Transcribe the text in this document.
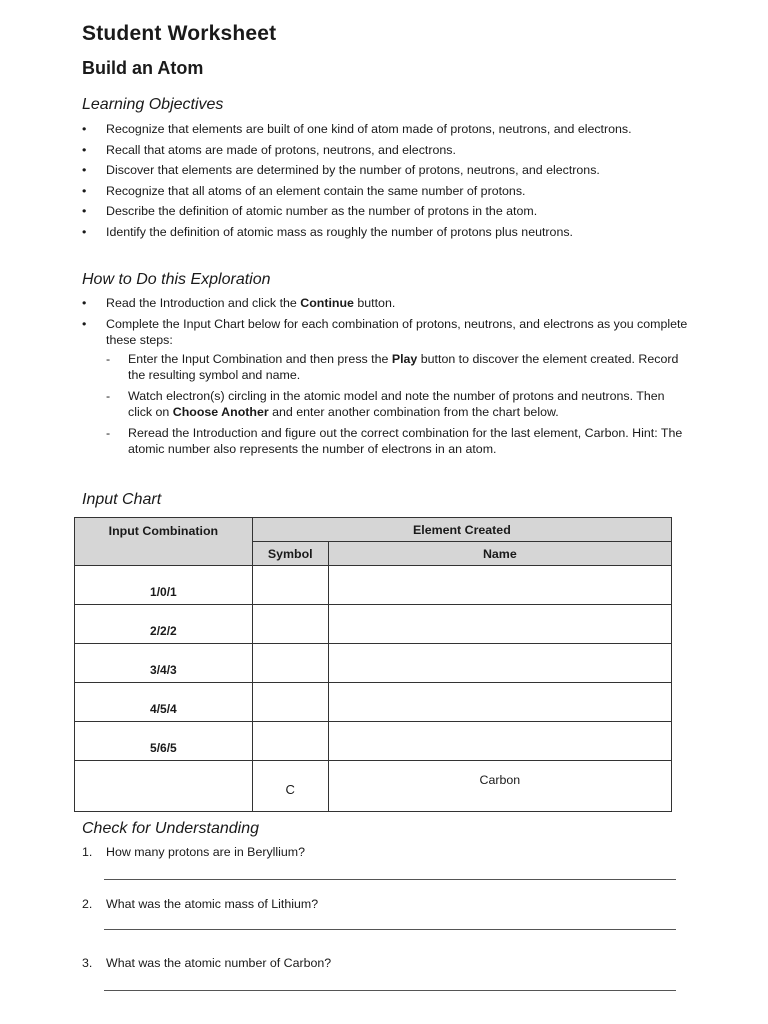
Student Worksheet
Build an Atom
Learning Objectives
• Recognize that elements are built of one kind of atom made of protons, neutrons, and electrons.
• Recall that atoms are made of protons, neutrons, and electrons.
• Discover that elements are determined by the number of protons, neutrons, and electrons.
• Recognize that all atoms of an element contain the same number of protons.
• Describe the definition of atomic number as the number of protons in the atom.
• Identify the definition of atomic mass as roughly the number of protons plus neutrons.
How to Do this Exploration
• Read the Introduction and click the Continue button.
• Complete the Input Chart below for each combination of protons, neutrons, and electrons as you complete these steps:
- Enter the Input Combination and then press the Play button to discover the element created. Record the resulting symbol and name.
- Watch electron(s) circling in the atomic model and note the number of protons and neutrons. Then click on Choose Another and enter another combination from the chart below.
- Reread the Introduction and figure out the correct combination for the last element, Carbon. Hint: The atomic number also represents the number of electrons in an atom.
Input Chart
Input Combination	Element Created	
	Symbol	Name
1/0/1		
2/2/2		
3/4/3		
4/5/4		
5/6/5		
	C	Carbon
Check for Understanding
1. How many protons are in Beryllium?
2. What was the atomic mass of Lithium?
3. What was the atomic number of Carbon?
